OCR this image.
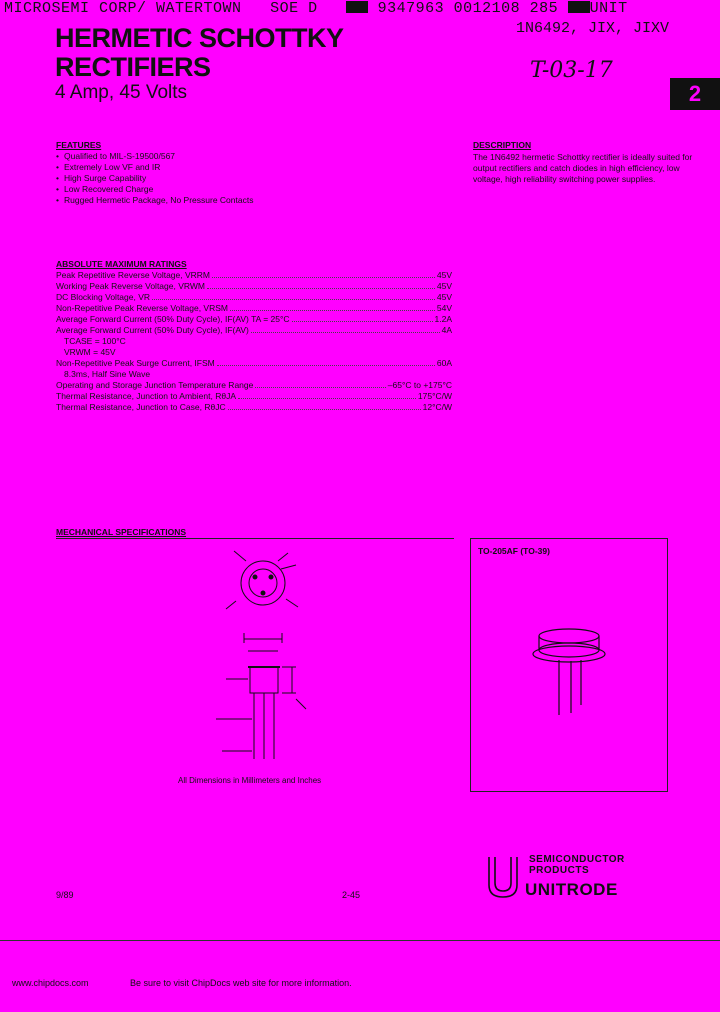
MICROSEMI CORP/ WATERTOWN SOE D	9347963 0012108 285 UNIT
1N6492, JIX, JIXV
HERMETIC SCHOTTKY
RECTIFIERS
4 Amp, 45 Volts
T-03-17
2
FEATURES
• Qualified to MIL-S-19500/567
• Extremely Low VF and IR
• High Surge Capability
• Low Recovered Charge
• Rugged Hermetic Package, No Pressure Contacts
DESCRIPTION
The 1N6492 hermetic Schottky rectifier is ideally suited for output rectifiers and catch diodes in high efficiency, low voltage, high reliability switching power supplies.
ABSOLUTE MAXIMUM RATINGS
Peak Repetitive Reverse Voltage, VRRM	45V
Working Peak Reverse Voltage, VRWM	45V
DC Blocking Voltage, VR	45V
Non-Repetitive Peak Reverse Voltage, VRSM	54V
Average Forward Current (50% Duty Cycle), IF(AV) TA = 25°C	1.2A
Average Forward Current (50% Duty Cycle), IF(AV)	4A
TCASE = 100°C
VRWM = 45V
Non-Repetitive Peak Surge Current, IFSM	60A
8.3ms, Half Sine Wave
Operating and Storage Junction Temperature Range	–65°C to +175°C
Thermal Resistance, Junction to Ambient, RθJA	175°C/W
Thermal Resistance, Junction to Case, RθJC	12°C/W
MECHANICAL SPECIFICATIONS
All Dimensions in Millimeters and Inches
TO-205AF (TO-39)
SEMICONDUCTOR
PRODUCTS
UNITRODE
9/89	2-45
www.chipdocs.com	Be sure to visit ChipDocs web site for more information.
